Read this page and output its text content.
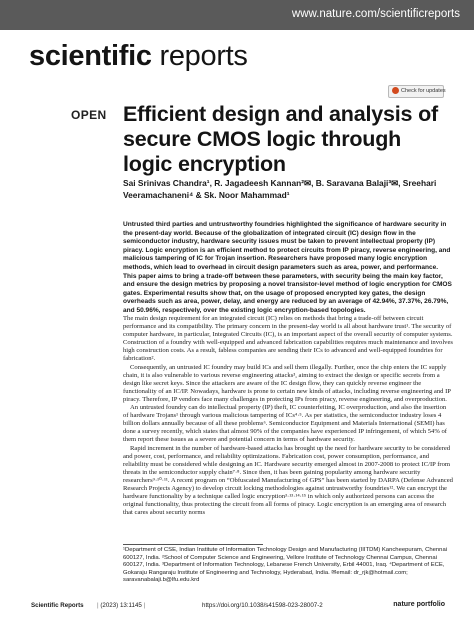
www.nature.com/scientificreports
scientific reports
Check for updates
OPEN Efficient design and analysis of secure CMOS logic through logic encryption
Sai Srinivas Chandra¹, R. Jagadeesh Kannan²✉, B. Saravana Balaji³✉, Sreehari Veeramachaneni⁴ & Sk. Noor Mahammad¹
Untrusted third parties and untrustworthy foundries highlighted the significance of hardware security in the present-day world. Because of the globalization of integrated circuit (IC) design flow in the semiconductor industry, hardware security issues must be taken to prevent intellectual property (IP) piracy. Logic encryption is an efficient method to protect circuits from IP piracy, reverse engineering, and malicious tampering of IC for Trojan insertion. Researchers have proposed many logic encryption methods, which lead to overhead in circuit design parameters such as area, power, and performance. This paper aims to bring a trade-off between these parameters, with security being the main key factor, and ensure the design metrics by proposing a novel transistor-level method of logic encryption for CMOS gates. Experimental results show that, on the usage of proposed encrypted key gates, the design overheads such as area, power, delay, and energy are reduced by an average of 42.94%, 37.37%, 26.79%, and 50.96%, respectively, over the existing logic encryption-based topologies.

The main design requirement for an integrated circuit (IC) relies on methods that bring a trade-off between circuit performance and its compatibility. The primary concern in the present-day world is all about hardware trust¹. The security of computer hardware, in particular, Integrated Circuits (IC), is an important aspect of the overall security of computer systems. Construction of a foundry with well-equipped and advanced fabrication capabilities requires much maintenance and involves high construction costs. As a result, fabless companies are sending their ICs to advanced and well-equipped foundries for fabrication².

Consequently, an untrusted IC foundry may build ICs and sell them illegally. Further, once the chip enters the IC supply chain, it is also vulnerable to various reverse engineering attacks³, aiming to extract the design or specific secrets from a design like secret keys. Since the attackers are aware of the IC design flow, they can quickly reverse engineer the functionality of an IC/IP. Nowadays, hardware is prone to certain new kinds of attacks, including reverse engineering and IP piracy. Therefore, IP vendors face many challenges in protecting IPs from piracy, reverse engineering, and overproduction.

An untrusted foundry can do intellectual property (IP) theft, IC counterfeiting, IC overproduction, and also the insertion of hardware Trojans¹ through various malicious tampering of ICs⁴·⁵. As per statistics, the semiconductor industry loses 4 billion dollars annually because of all these problems⁶. Semiconductor Equipment and Materials International (SEMI) has done a survey recently, which states that almost 90% of the companies have experienced IP infringement, of which 54% of them report these issues as a severe and potential concern in terms of hardware security.

Rapid increment in the number of hardware-based attacks has brought up the need for hardware security to be considered and power, cost, performance, and reliability optimizations. Fabrication cost, power consumption, performance, and reliability must be considered while designing an IC. Hardware security emerged almost in 2007-2008 to protect IC/IP from threats in the semiconductor supply chain⁷·⁸. Since then, it has been gaining popularity among hardware security researchers⁹·¹⁰·¹¹. A recent program on “Obfuscated Manufacturing of GPS” has been started by DARPA (Defense Advanced Research Projects Agency) to develop circuit locking methodologies against untrustworthy foundries¹². We can encrypt the hardware functionality by a technique called logic encryption³·¹³·¹⁴·¹⁵ in which only authorized persons can access the original functionality, thus protecting the circuit from all forms of piracy. Logic encryption is an emerging area of research that cares about security norms

¹Department of CSE, Indian Institute of Information Technology Design and Manufacturing (IIITDM) Kancheepuram, Chennai 600127, India. ²School of Computer Science and Engineering, Vellore Institute of Technology Chennai Campus, Chennai 600127, India. ³Department of Information Technology, Lebanese French University, Erbil 44001, Iraq. ⁴Department of ECE, Gokaraju Rangaraju Institute of Engineering and Technology, Hyderabad, India. ✉email: dr_rjk@hotmail.com; saravanabalaji.b@lfu.edu.krd
Scientific Reports | (2023) 13:1145 |	https://doi.org/10.1038/s41598-023-28007-2	nature portfolio
